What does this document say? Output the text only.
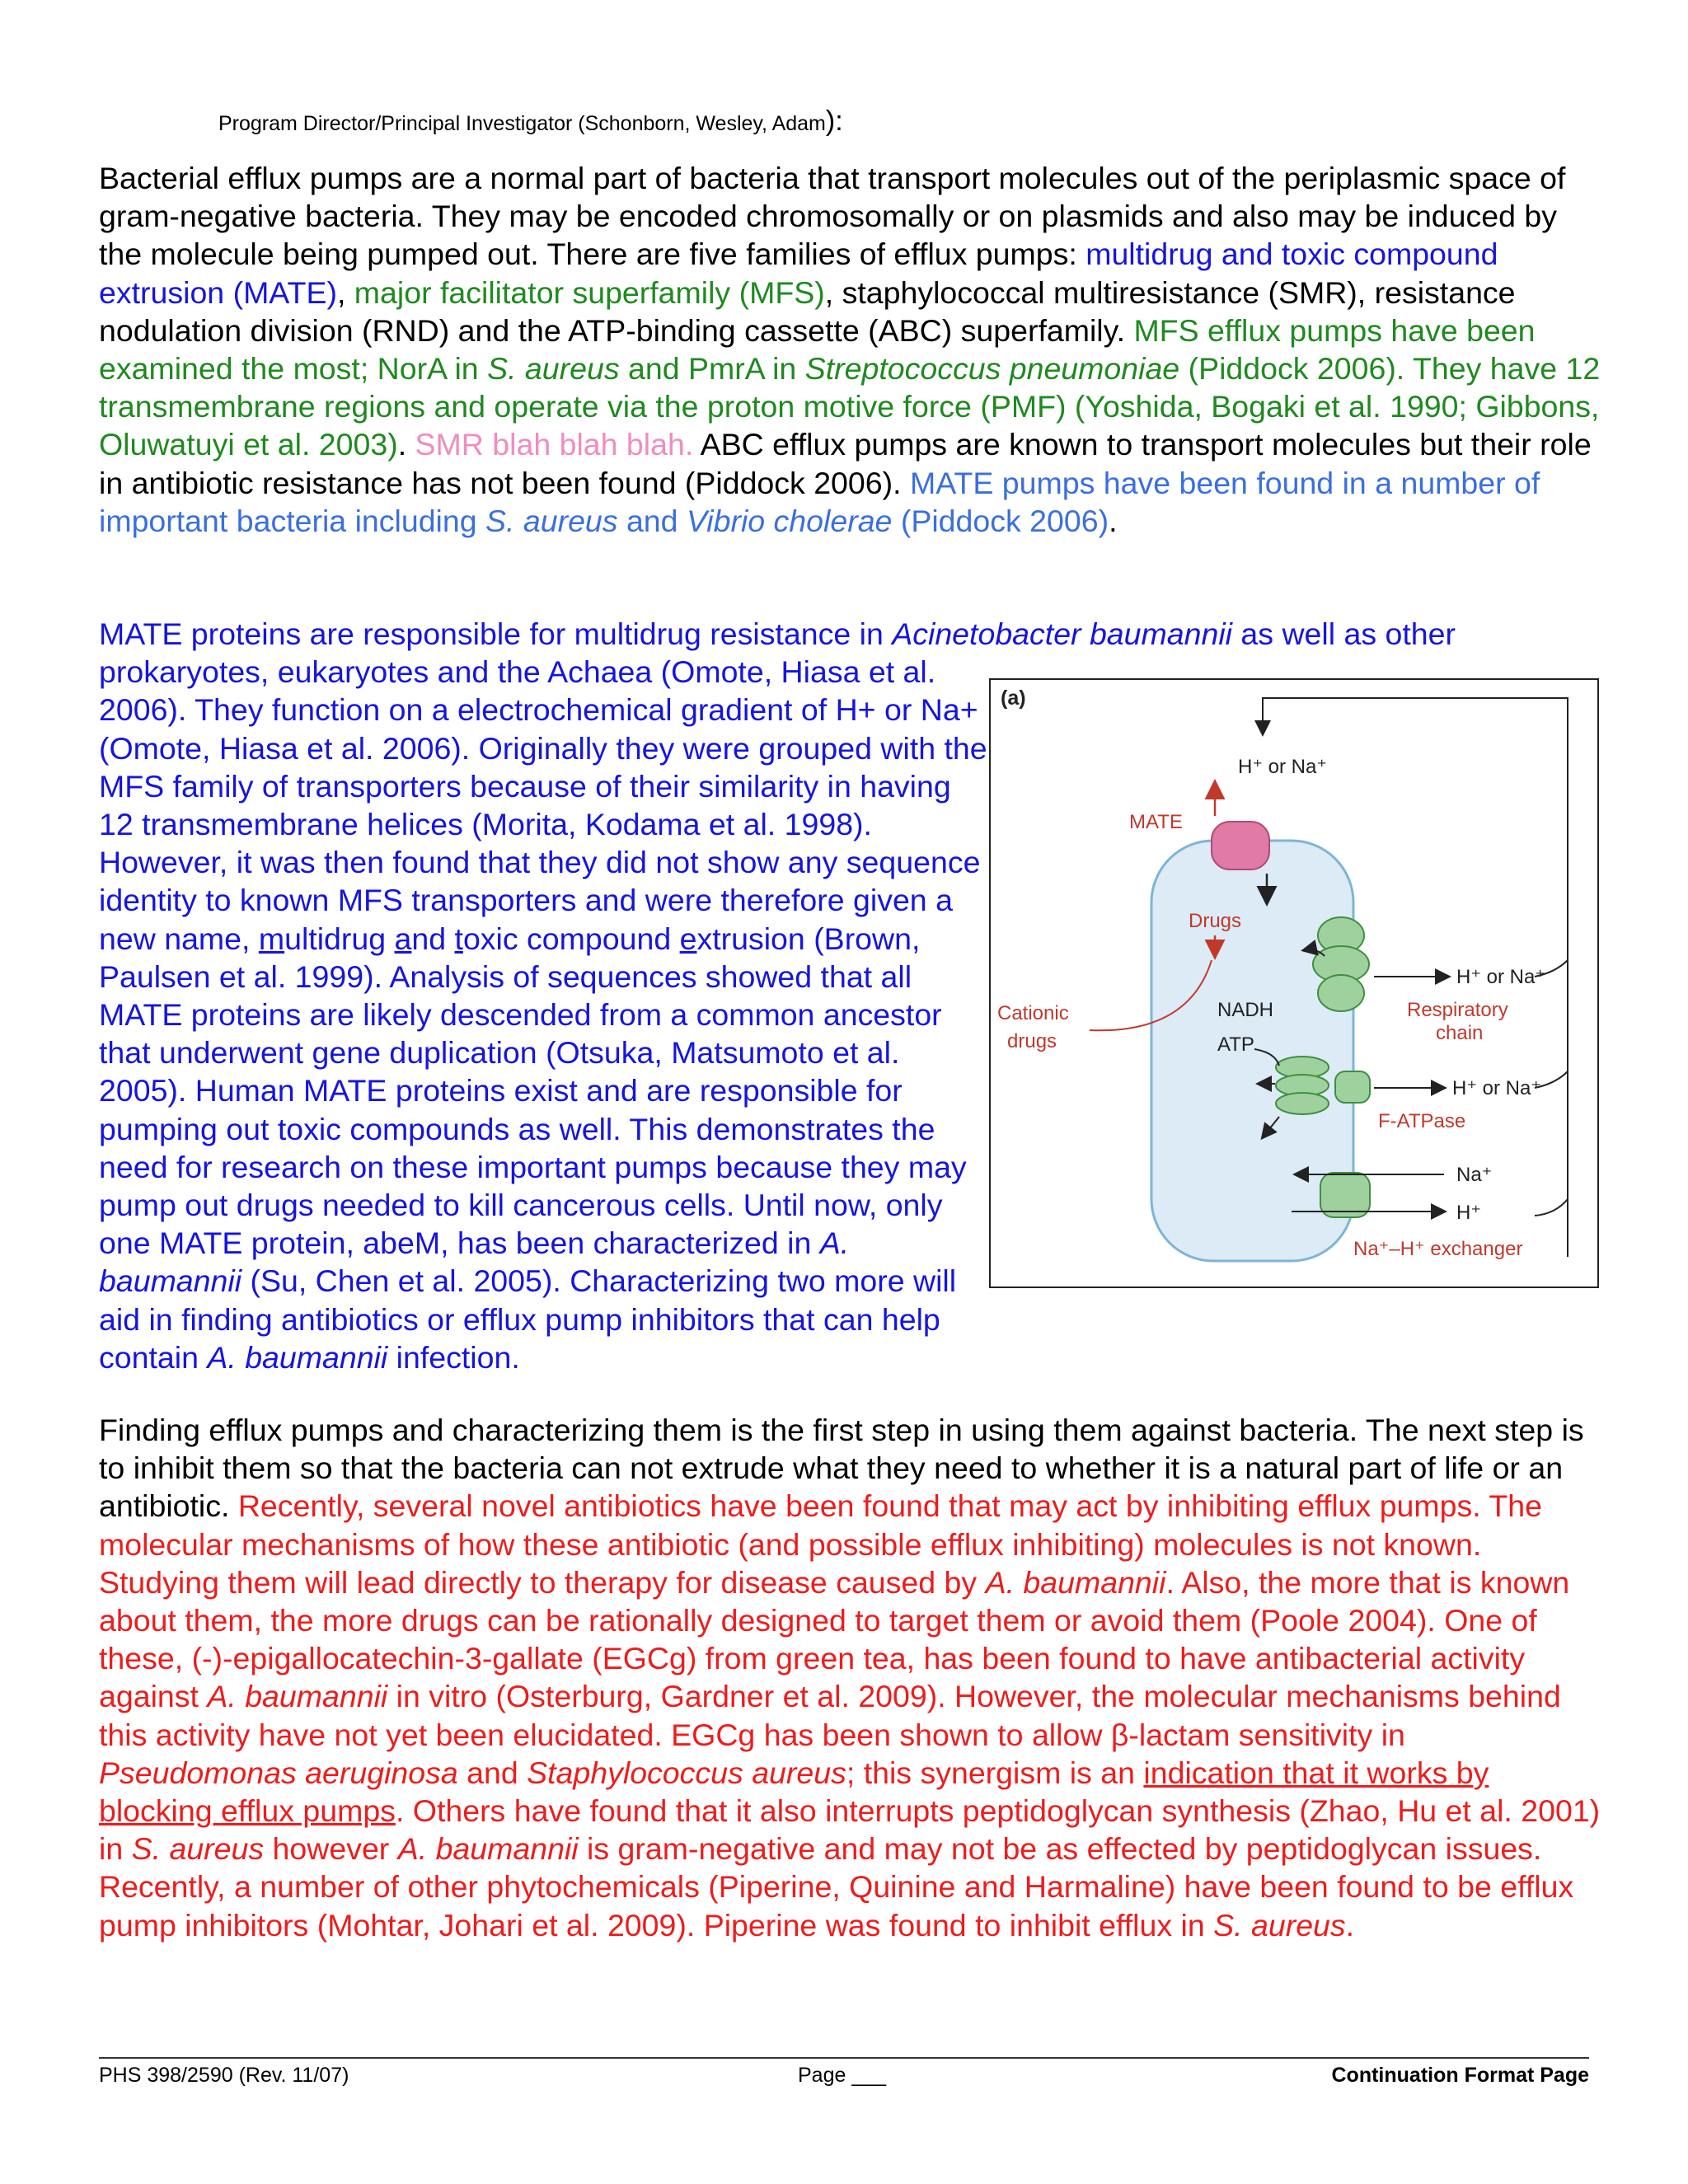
Program Director/Principal Investigator (Schonborn, Wesley, Adam):

Bacterial efflux pumps are a normal part of bacteria that transport molecules out of the periplasmic space of gram-negative bacteria. They may be encoded chromosomally or on plasmids and also may be induced by the molecule being pumped out. There are five families of efflux pumps: multidrug and toxic compound extrusion (MATE), major facilitator superfamily (MFS), staphylococcal multiresistance (SMR), resistance nodulation division (RND) and the ATP-binding cassette (ABC) superfamily. MFS efflux pumps have been examined the most; NorA in S. aureus and PmrA in Streptococcus pneumoniae (Piddock 2006). They have 12 transmembrane regions and operate via the proton motive force (PMF) (Yoshida, Bogaki et al. 1990; Gibbons, Oluwatuyi et al. 2003). SMR blah blah blah. ABC efflux pumps are known to transport molecules but their role in antibiotic resistance has not been found (Piddock 2006). MATE pumps have been found in a number of important bacteria including S. aureus and Vibrio cholerae (Piddock 2006).

MATE proteins are responsible for multidrug resistance in Acinetobacter baumannii
as well as other prokaryotes, eukaryotes and the Achaea (Omote, Hiasa et al. 2006). They function on a electrochemical gradient of H+ or Na+ (Omote, Hiasa et al. 2006). Originally they were grouped with the MFS family of transporters because of their similarity in having 12 transmembrane helices (Morita, Kodama et al. 1998). However, it was then found that they did not show any sequence identity to known MFS transporters and were therefore given a new name, multidrug and toxic compound extrusion (Brown, Paulsen et al. 1999). Analysis of sequences showed that all MATE proteins are likely descended from a common ancestor that underwent gene duplication (Otsuka, Matsumoto et al. 2005). Human MATE proteins exist and are responsible for pumping out toxic compounds as well. This demonstrates the need for research on these important pumps because they may pump out drugs needed to kill cancerous cells. Until now, only one MATE protein, abeM, has been characterized in A. baumannii (Su, Chen et al. 2005). Characterizing two more will aid in finding antibiotics or efflux pump inhibitors that can help contain A. baumannii infection.

(a)
H⁺ or Na⁺
MATE
Drugs
Cationic
drugs
NADH
ATP
H⁺ or Na⁺
Respiratory
chain
H⁺ or Na⁺
F-ATPase
Na⁺
H⁺
Na⁺–H⁺ exchanger

Finding efflux pumps and characterizing them is the first step in using them against bacteria. The next step is to inhibit them so that the bacteria can not extrude what they need to whether it is a natural part of life or an antibiotic. Recently, several novel antibiotics have been found that may act by inhibiting efflux pumps. The molecular mechanisms of how these antibiotic (and possible efflux inhibiting) molecules is not known. Studying them will lead directly to therapy for disease caused by A. baumannii. Also, the more that is known about them, the more drugs can be rationally designed to target them or avoid them (Poole 2004). One of these, (-)-epigallocatechin-3-gallate (EGCg) from green tea, has been found to have antibacterial activity against A. baumannii in vitro (Osterburg, Gardner et al. 2009). However, the molecular mechanisms behind this activity have not yet been elucidated. EGCg has been shown to allow β-lactam sensitivity in Pseudomonas aeruginosa and Staphylococcus aureus; this synergism is an indication that it works by blocking efflux pumps. Others have found that it also interrupts peptidoglycan synthesis (Zhao, Hu et al. 2001) in S. aureus however A. baumannii is gram-negative and may not be as effected by peptidoglycan issues. Recently, a number of other phytochemicals (Piperine, Quinine and Harmaline) have been found to be efflux pump inhibitors (Mohtar, Johari et al. 2009). Piperine was found to inhibit efflux in S. aureus.

PHS 398/2590 (Rev. 11/07)	Page ___	Continuation Format Page
